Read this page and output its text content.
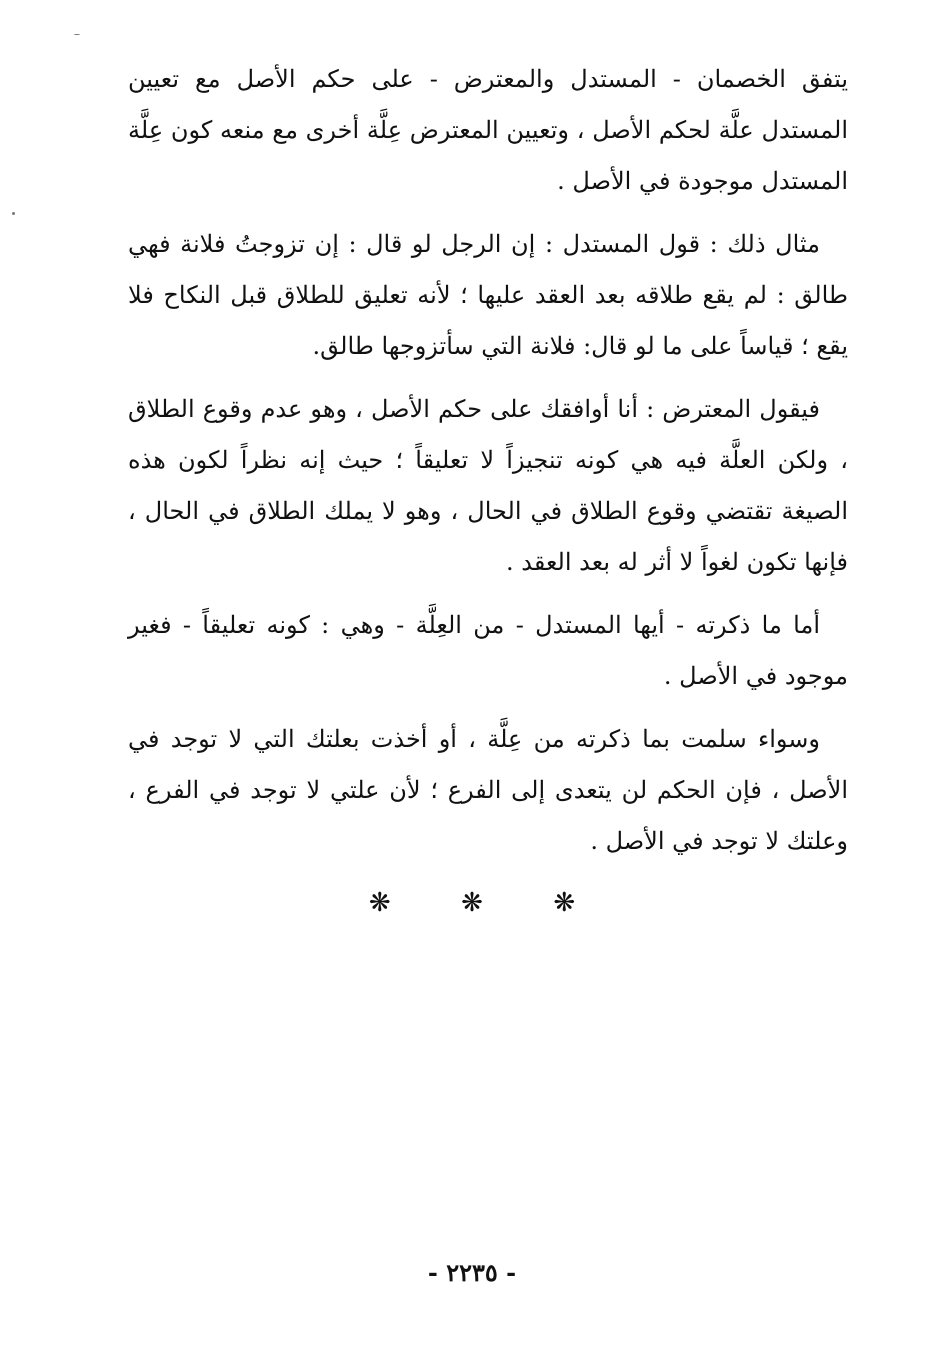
يتفق الخصمان - المستدل والمعترض - على حكم الأصل مع تعيين المستدل علَّة لحكم الأصل ، وتعيين المعترض عِلَّة أخرى مع منعه كون عِلَّة المستدل موجودة في الأصل .

مثال ذلك : قول المستدل : إن الرجل لو قال : إن تزوجتُ فلانة فهي طالق : لم يقع طلاقه بعد العقد عليها ؛ لأنه تعليق للطلاق قبل النكاح فلا يقع ؛ قياساً على ما لو قال: فلانة التي سأتزوجها طالق.

فيقول المعترض : أنا أوافقك على حكم الأصل ، وهو عدم وقوع الطلاق ، ولكن العلَّة فيه هي كونه تنجيزاً لا تعليقاً ؛ حيث إنه نظراً لكون هذه الصيغة تقتضي وقوع الطلاق في الحال ، وهو لا يملك الطلاق في الحال ، فإنها تكون لغواً لا أثر له بعد العقد .

أما ما ذكرته - أيها المستدل - من العِلَّة - وهي : كونه تعليقاً - فغير موجود في الأصل .

وسواء سلمت بما ذكرته من عِلَّة ، أو أخذت بعلتك التي لا توجد في الأصل ، فإن الحكم لن يتعدى إلى الفرع ؛ لأن علتي لا توجد في الفرع ، وعلتك لا توجد في الأصل .

❋	❋	❋
- ٢٢٣٥ -
